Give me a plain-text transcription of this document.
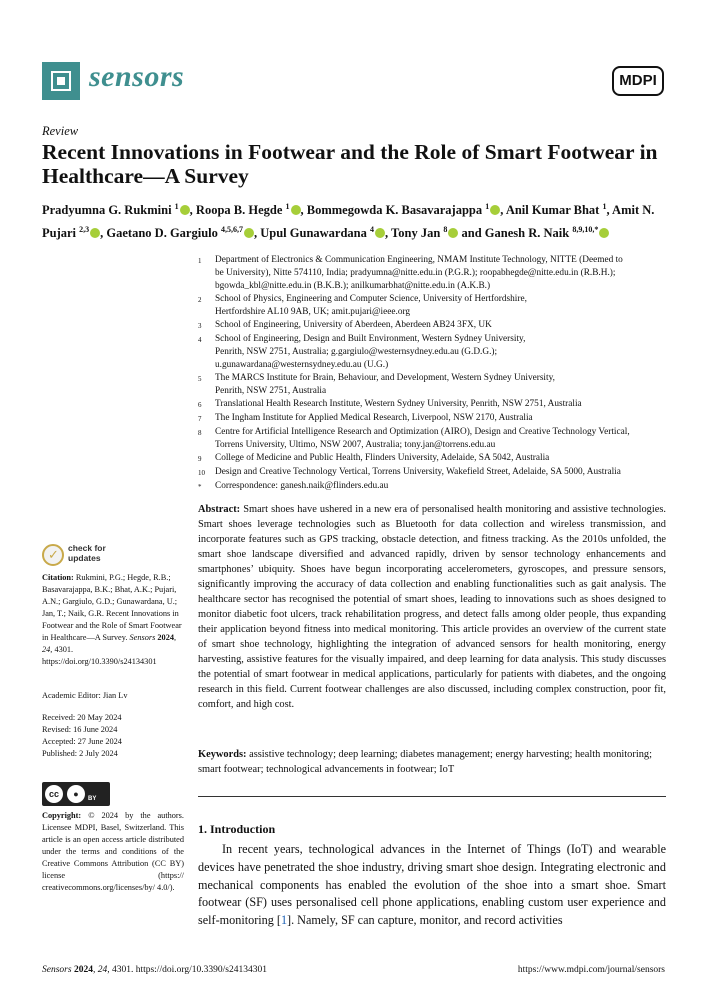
sensors	MDPI
Review
Recent Innovations in Footwear and the Role of Smart Footwear in Healthcare—A Survey
Pradyumna G. Rukmini $^1$ , Roopa B. Hegde $^1$ , Bommegowda K. Basavarajappa $^1$ , Anil Kumar Bhat $^1$, Amit N. Pujari $^{2,3}$ , Gaetano D. Gargiulo $^{4,5,6,7}$ , Upul Gunawardana $^4$ , Tony Jan $^8$ and Ganesh R. Naik $^{8,9,10,*}$
1	Department of Electronics & Communication Engineering, NMAM Institute Technology, NITTE (Deemed to
be University), Nitte 574110, India; pradyumna@nitte.edu.in (P.G.R.); roopabhegde@nitte.edu.in (R.B.H.);
bgowda_kbl@nitte.edu.in (B.K.B.); anilkumarbhat@nitte.edu.in (A.K.B.)
2	School of Physics, Engineering and Computer Science, University of Hertfordshire,
Hertfordshire AL10 9AB, UK; amit.pujari@ieee.org
3	School of Engineering, University of Aberdeen, Aberdeen AB24 3FX, UK
4	School of Engineering, Design and Built Environment, Western Sydney University,
Penrith, NSW 2751, Australia; g.gargiulo@westernsydney.edu.au (G.D.G.);
u.gunawardana@westernsydney.edu.au (U.G.)
5	The MARCS Institute for Brain, Behaviour, and Development, Western Sydney University,
Penrith, NSW 2751, Australia
6	Translational Health Research Institute, Western Sydney University, Penrith, NSW 2751, Australia
7	The Ingham Institute for Applied Medical Research, Liverpool, NSW 2170, Australia
8	Centre for Artificial Intelligence Research and Optimization (AIRO), Design and Creative Technology Vertical,
Torrens University, Ultimo, NSW 2007, Australia; tony.jan@torrens.edu.au
9	College of Medicine and Public Health, Flinders University, Adelaide, SA 5042, Australia
10	Design and Creative Technology Vertical, Torrens University, Wakefield Street, Adelaide, SA 5000, Australia
*	Correspondence: ganesh.naik@flinders.edu.au
✓
check for
updates
Citation: Rukmini, P.G.; Hegde, R.B.; Basavarajappa, B.K.; Bhat, A.K.; Pujari, A.N.; Gargiulo, G.D.; Gunawardana, U.; Jan, T.; Naik, G.R. Recent Innovations in Footwear and the Role of Smart Footwear in Healthcare—A Survey. Sensors 2024, 24, 4301. https://doi.org/10.3390/s24134301
Academic Editor: Jian Lv
Received: 20 May 2024
Revised: 16 June 2024
Accepted: 27 June 2024
Published: 2 July 2024
cc	●	BY
Copyright: © 2024 by the authors. Licensee MDPI, Basel, Switzerland. This article is an open access article distributed under the terms and conditions of the Creative Commons Attribution (CC BY) license (https:// creativecommons.org/licenses/by/ 4.0/).
Abstract: Smart shoes have ushered in a new era of personalised health monitoring and assistive technologies. Smart shoes leverage technologies such as Bluetooth for data collection and wireless transmission, and incorporate features such as GPS tracking, obstacle detection, and fitness tracking. As the 2010s unfolded, the smart shoe landscape diversified and advanced rapidly, driven by sensor technology enhancements and smartphones’ ubiquity. Shoes have begun incorporating accelerometers, gyroscopes, and pressure sensors, significantly improving the accuracy of data collection and enabling functionalities such as gait analysis. The healthcare sector has recognised the potential of smart shoes, leading to innovations such as shoes designed to monitor diabetic foot ulcers, track rehabilitation progress, and detect falls among older people, thus expanding their application beyond fitness into medical monitoring. This article provides an overview of the current state of smart shoe technology, highlighting the integration of advanced sensors for health monitoring, energy harvesting, assistive features for the visually impaired, and deep learning for data analysis. This study discusses the potential of smart footwear in medical applications, particularly for patients with diabetes, and the ongoing research in this field. Current footwear challenges are also discussed, including complex construction, poor fit, comfort, and high cost.
Keywords: assistive technology; deep learning; diabetes management; energy harvesting; health monitoring; smart footwear; technological advancements in footwear; IoT
1. Introduction
In recent years, technological advances in the Internet of Things (IoT) and wearable devices have penetrated the shoe industry, driving smart shoe design. Integrating electronic and mechanical components has enabled the evolution of the shoe into a smart shoe. Smart footwear (SF) uses personalised cell phone applications, enabling custom user experience and self-monitoring [1]. Namely, SF can capture, monitor, and record activities
Sensors 2024, 24, 4301. https://doi.org/10.3390/s24134301	https://www.mdpi.com/journal/sensors
